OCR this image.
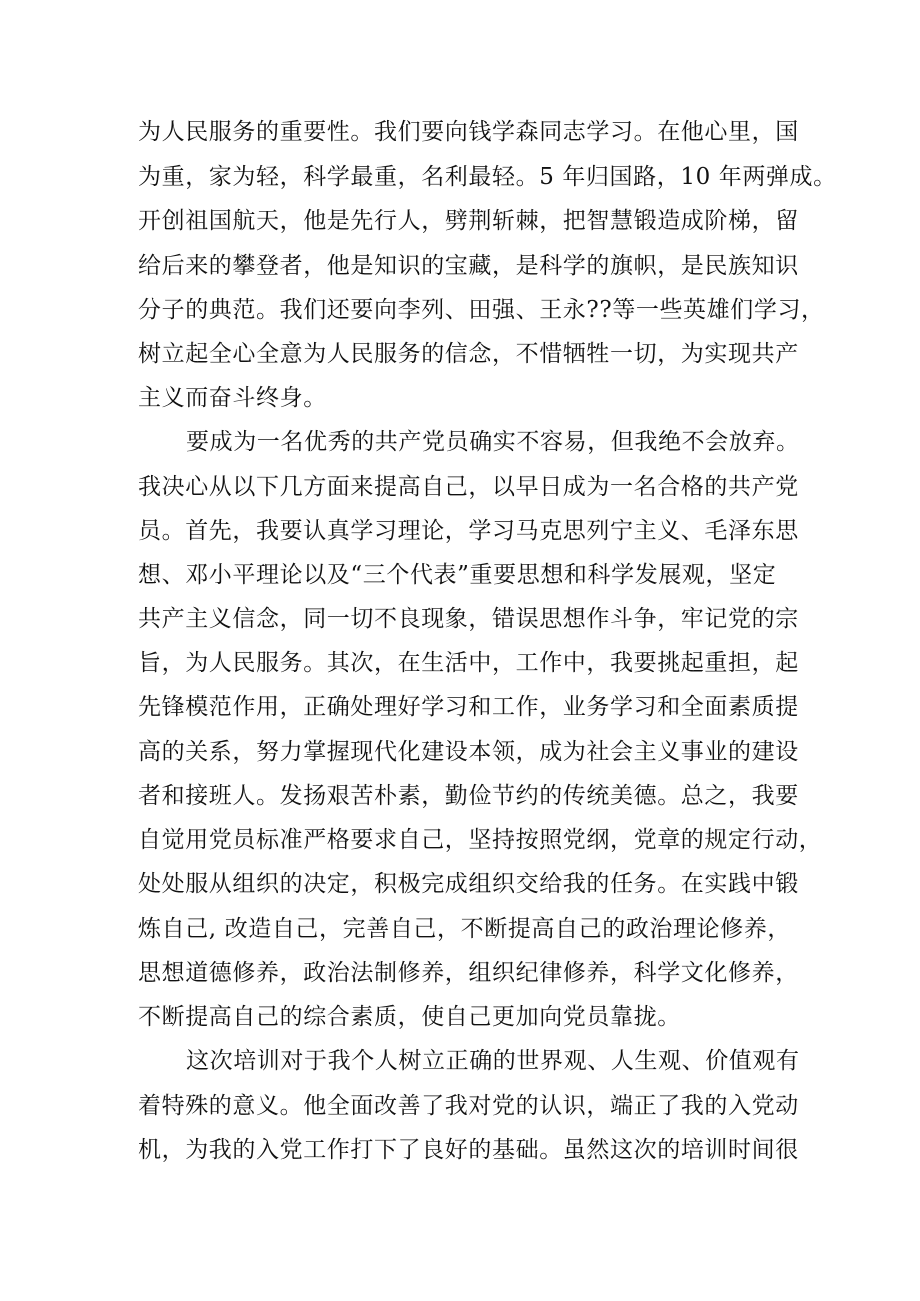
为人民服务的重要性。我们要向钱学森同志学习。在他心里，国
为重，家为轻，科学最重，名利最轻。5 年归国路，10 年两弹成。
开创祖国航天，他是先行人，劈荆斩棘，把智慧锻造成阶梯，留
给后来的攀登者，他是知识的宝藏，是科学的旗帜，是民族知识
分子的典范。我们还要向李列、田强、王永??等一些英雄们学习，
树立起全心全意为人民服务的信念，不惜牺牲一切，为实现共产
主义而奋斗终身。
要成为一名优秀的共产党员确实不容易，但我绝不会放弃。
我决心从以下几方面来提高自己，以早日成为一名合格的共产党
员。首先，我要认真学习理论，学习马克思列宁主义、毛泽东思
想、邓小平理论以及“三个代表”重要思想和科学发展观，坚定
共产主义信念，同一切不良现象，错误思想作斗争，牢记党的宗
旨，为人民服务。其次，在生活中，工作中，我要挑起重担，起
先锋模范作用，正确处理好学习和工作，业务学习和全面素质提
高的关系，努力掌握现代化建设本领，成为社会主义事业的建设
者和接班人。发扬艰苦朴素，勤俭节约的传统美德。总之，我要
自觉用党员标准严格要求自己，坚持按照党纲，党章的规定行动，
处处服从组织的决定，积极完成组织交给我的任务。在实践中锻
炼自己, 改造自己，完善自己，不断提高自己的政治理论修养，
思想道德修养，政治法制修养，组织纪律修养，科学文化修养，
不断提高自己的综合素质，使自己更加向党员靠拢。
这次培训对于我个人树立正确的世界观、人生观、价值观有
着特殊的意义。他全面改善了我对党的认识，端正了我的入党动
机，为我的入党工作打下了良好的基础。虽然这次的培训时间很
